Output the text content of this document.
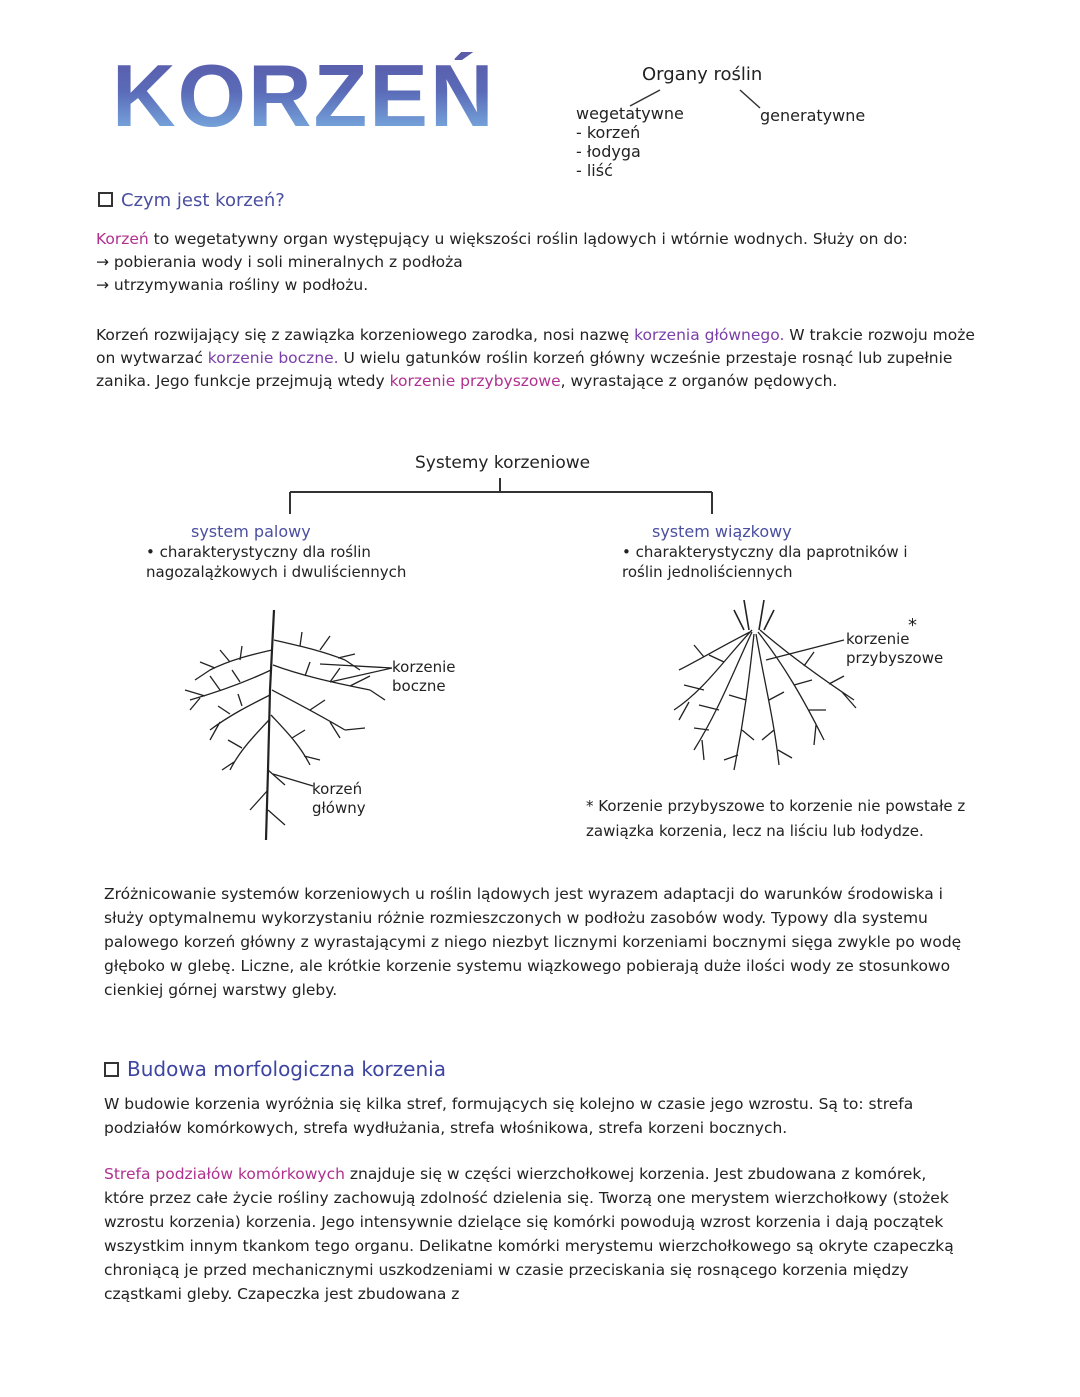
KORZEŃ	Organy roślin
wegetatywne
- korzeń
- łodyga
- liść
generatywne
Czym jest korzeń?
Korzeń to wegetatywny organ występujący u większości roślin lądowych i wtórnie wodnych. Służy on do:
→ pobierania wody i soli mineralnych z podłoża
→ utrzymywania rośliny w podłożu.
Korzeń rozwijający się z zawiązka korzeniowego zarodka, nosi nazwę korzenia głównego. W trakcie rozwoju może on wytwarzać korzenie boczne. U wielu gatunków roślin korzeń główny wcześnie przestaje rosnąć lub zupełnie zanika. Jego funkcje przejmują wtedy korzenie przybyszowe, wyrastające z organów pędowych.
Systemy korzeniowe
system palowy
• charakterystyczny dla roślin nagozalążkowych i dwuliściennych
system wiązkowy
• charakterystyczny dla paprotników i roślin jednoliściennych
korzenie boczne
korzeń główny
korzenie przybyszowe
*
* Korzenie przybyszowe to korzenie nie powstałe z zawiązka korzenia, lecz na liściu lub łodydze.
Zróżnicowanie systemów korzeniowych u roślin lądowych jest wyrazem adaptacji do warunków środowiska i służy optymalnemu wykorzystaniu różnie rozmieszczonych w podłożu zasobów wody. Typowy dla systemu palowego korzeń główny z wyrastającymi z niego niezbyt licznymi korzeniami bocznymi sięga zwykle po wodę głęboko w glebę. Liczne, ale krótkie korzenie systemu wiązkowego pobierają duże ilości wody ze stosunkowo cienkiej górnej warstwy gleby.
Budowa morfologiczna korzenia
W budowie korzenia wyróżnia się kilka stref, formujących się kolejno w czasie jego wzrostu. Są to: strefa podziałów komórkowych, strefa wydłużania, strefa włośnikowa, strefa korzeni bocznych.
Strefa podziałów komórkowych znajduje się w części wierzchołkowej korzenia. Jest zbudowana z komórek, które przez całe życie rośliny zachowują zdolność dzielenia się. Tworzą one merystem wierzchołkowy (stożek wzrostu korzenia) korzenia. Jego intensywnie dzielące się komórki powodują wzrost korzenia i dają początek wszystkim innym tkankom tego organu. Delikatne komórki merystemu wierzchołkowego są okryte czapeczką chroniącą je przed mechanicznymi uszkodzeniami w czasie przeciskania się rosnącego korzenia między cząstkami gleby. Czapeczka jest zbudowana z
